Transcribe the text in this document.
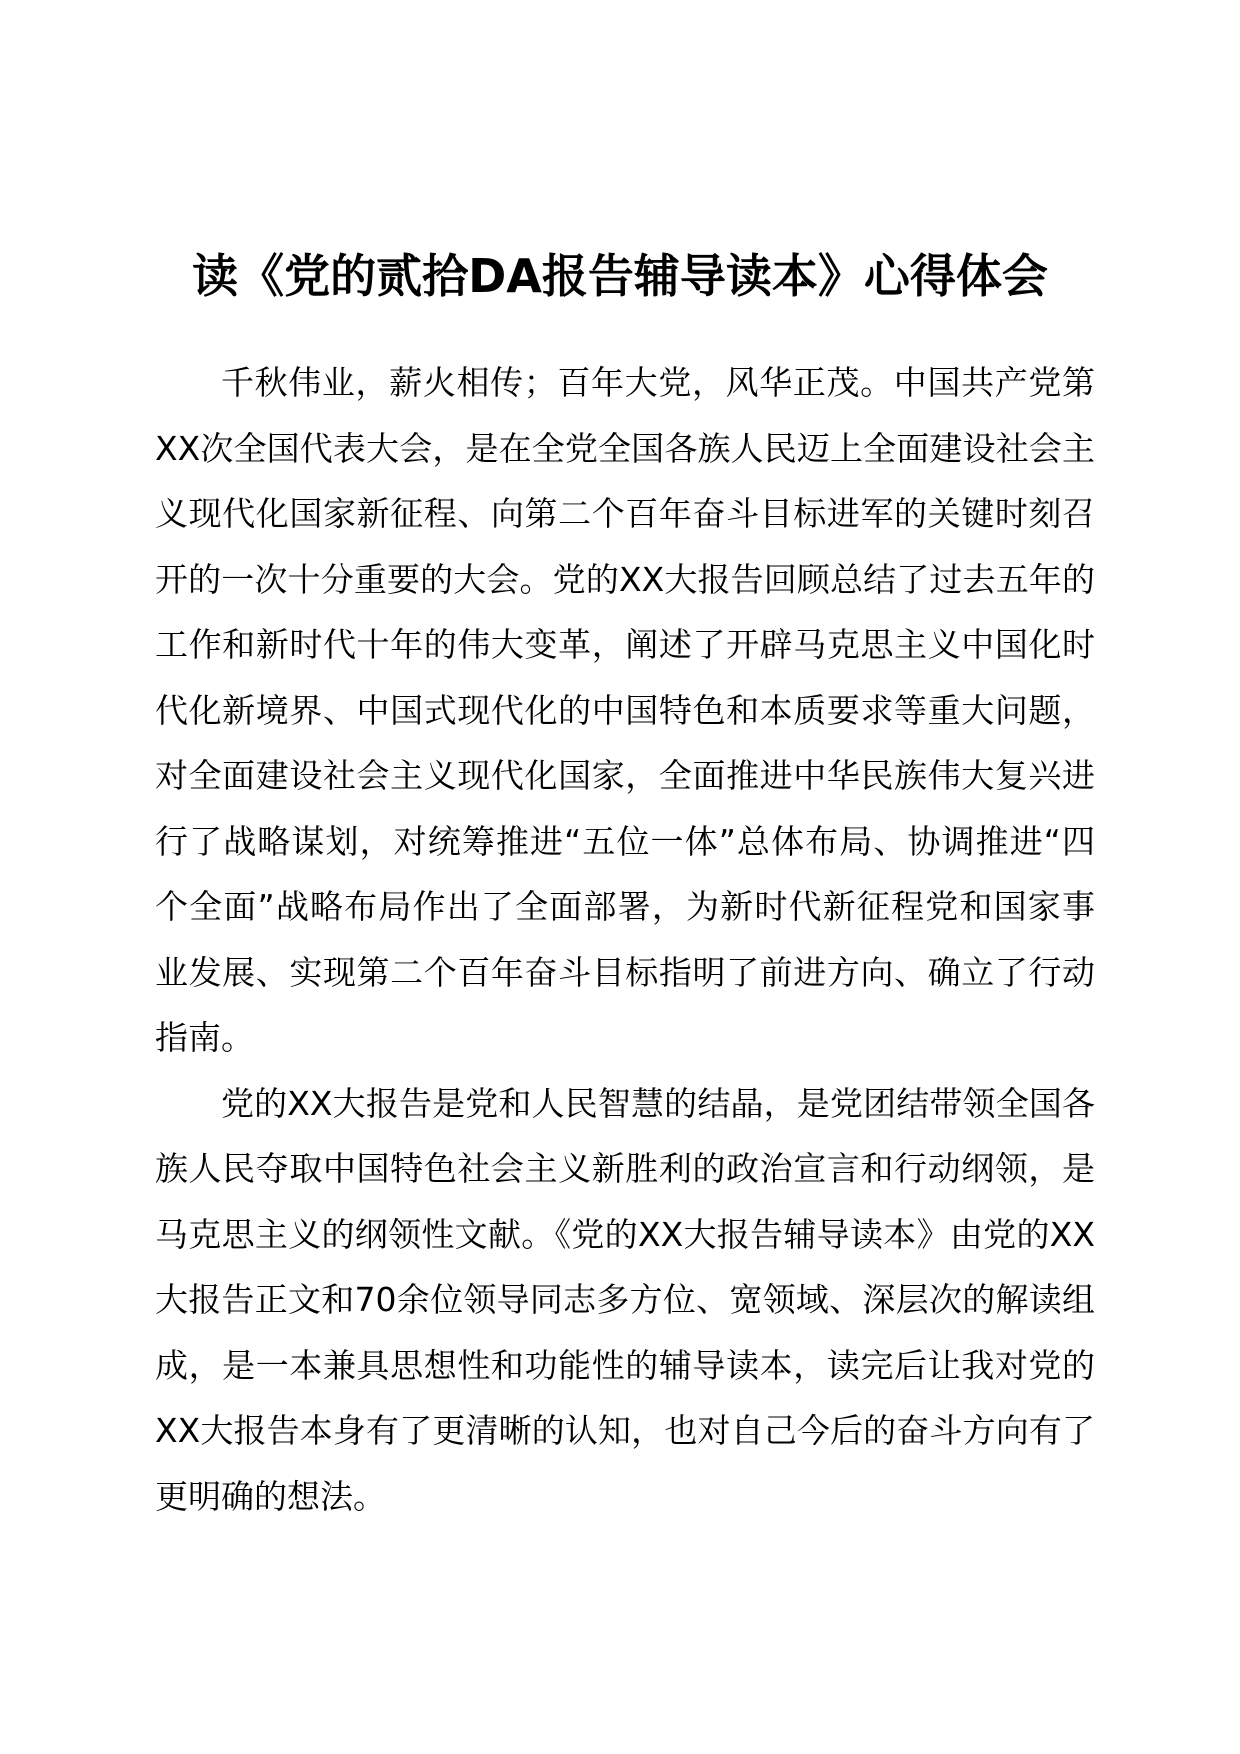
读《党的贰拾DA报告辅导读本》心得体会

千秋伟业，薪火相传；百年大党，风华正茂。中国共产党第XX次全国代表大会，是在全党全国各族人民迈上全面建设社会主义现代化国家新征程、向第二个百年奋斗目标进军的关键时刻召开的一次十分重要的大会。党的XX大报告回顾总结了过去五年的工作和新时代十年的伟大变革，阐述了开辟马克思主义中国化时代化新境界、中国式现代化的中国特色和本质要求等重大问题，对全面建设社会主义现代化国家，全面推进中华民族伟大复兴进行了战略谋划，对统筹推进“五位一体”总体布局、协调推进“四个全面”战略布局作出了全面部署，为新时代新征程党和国家事业发展、实现第二个百年奋斗目标指明了前进方向、确立了行动指南。

党的XX大报告是党和人民智慧的结晶，是党团结带领全国各族人民夺取中国特色社会主义新胜利的政治宣言和行动纲领，是马克思主义的纲领性文献。《党的XX大报告辅导读本》由党的XX大报告正文和70余位领导同志多方位、宽领域、深层次的解读组成，是一本兼具思想性和功能性的辅导读本，读完后让我对党的XX大报告本身有了更清晰的认知，也对自己今后的奋斗方向有了更明确的想法。
